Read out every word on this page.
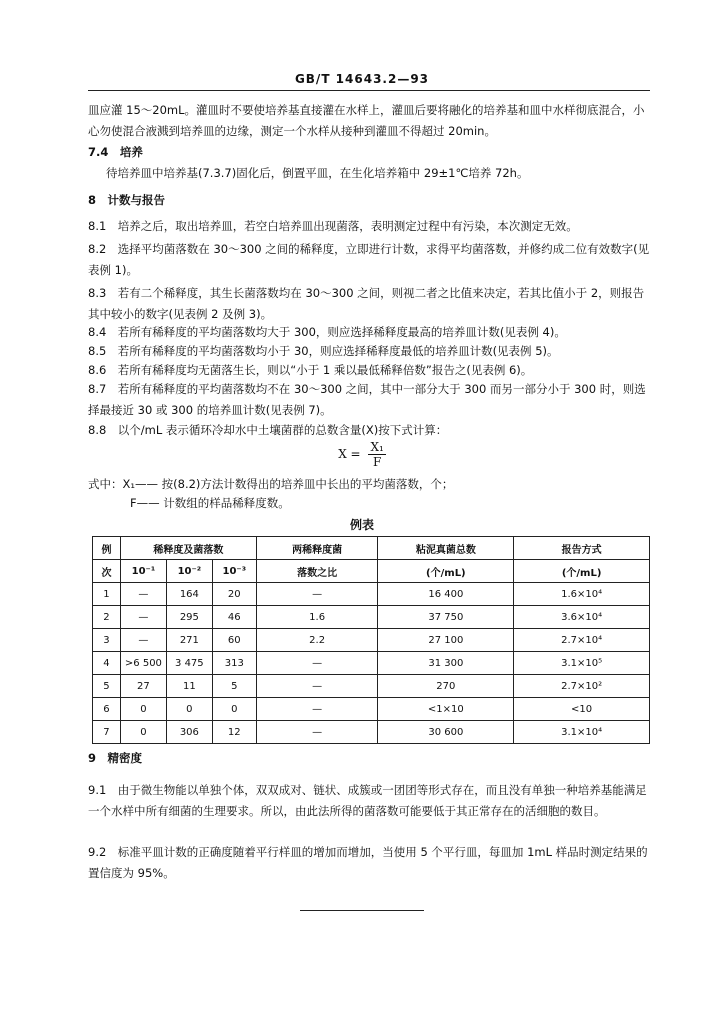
GB/T 14643.2—93
皿应灌 15～20mL。灌皿时不要使培养基直接灌在水样上，灌皿后要将融化的培养基和皿中水样彻底混合，小心勿使混合液溅到培养皿的边缘，测定一个水样从接种到灌皿不得超过 20min。
7.4　培养
待培养皿中培养基(7.3.7)固化后，倒置平皿，在生化培养箱中 29±1℃培养 72h。
8　计数与报告
8.1　培养之后，取出培养皿，若空白培养皿出现菌落，表明测定过程中有污染，本次测定无效。
8.2　选择平均菌落数在 30～300 之间的稀释度，立即进行计数，求得平均菌落数，并修约成二位有效数字(见表例 1)。
8.3　若有二个稀释度，其生长菌落数均在 30～300 之间，则视二者之比值来决定，若其比值小于 2，则报告其中较小的数字(见表例 2 及例 3)。
8.4　若所有稀释度的平均菌落数均大于 300，则应选择稀释度最高的培养皿计数(见表例 4)。
8.5　若所有稀释度的平均菌落数均小于 30，则应选择稀释度最低的培养皿计数(见表例 5)。
8.6　若所有稀释度均无菌落生长，则以“小于 1 乘以最低稀释倍数”报告之(见表例 6)。
8.7　若所有稀释度的平均菌落数均不在 30～300 之间，其中一部分大于 300 而另一部分小于 300 时，则选择最接近 30 或 300 的培养皿计数(见表例 7)。
8.8　以个/mL 表示循环冷却水中土壤菌群的总数含量(X)按下式计算：
$X = \frac{\text{X₁}}{F}$
式中：X₁—— 按(8.2)方法计数得出的培养皿中长出的平均菌落数，个；
F—— 计数组的样品稀释度数。
例表
例	稀释度及菌落数			两稀释度菌	粘泥真菌总数	报告方式
次	10⁻¹	10⁻²	10⁻³	落数之比	(个/mL)	(个/mL)
1	—	164	20	—	16 400	1.6×10⁴
2	—	295	46	1.6	37 750	3.6×10⁴
3	—	271	60	2.2	27 100	2.7×10⁴
4	>6 500	3 475	313	—	31 300	3.1×10⁵
5	27	11	5	—	270	2.7×10²
6	0	0	0	—	<1×10	<10
7	0	306	12	—	30 600	3.1×10⁴
9　精密度
9.1　由于微生物能以单独个体，双双成对、链状、成簇或一团团等形式存在，而且没有单独一种培养基能满足一个水样中所有细菌的生理要求。所以，由此法所得的菌落数可能要低于其正常存在的活细胞的数目。
9.2　标准平皿计数的正确度随着平行样皿的增加而增加，当使用 5 个平行皿，每皿加 1mL 样品时测定结果的置信度为 95%。
